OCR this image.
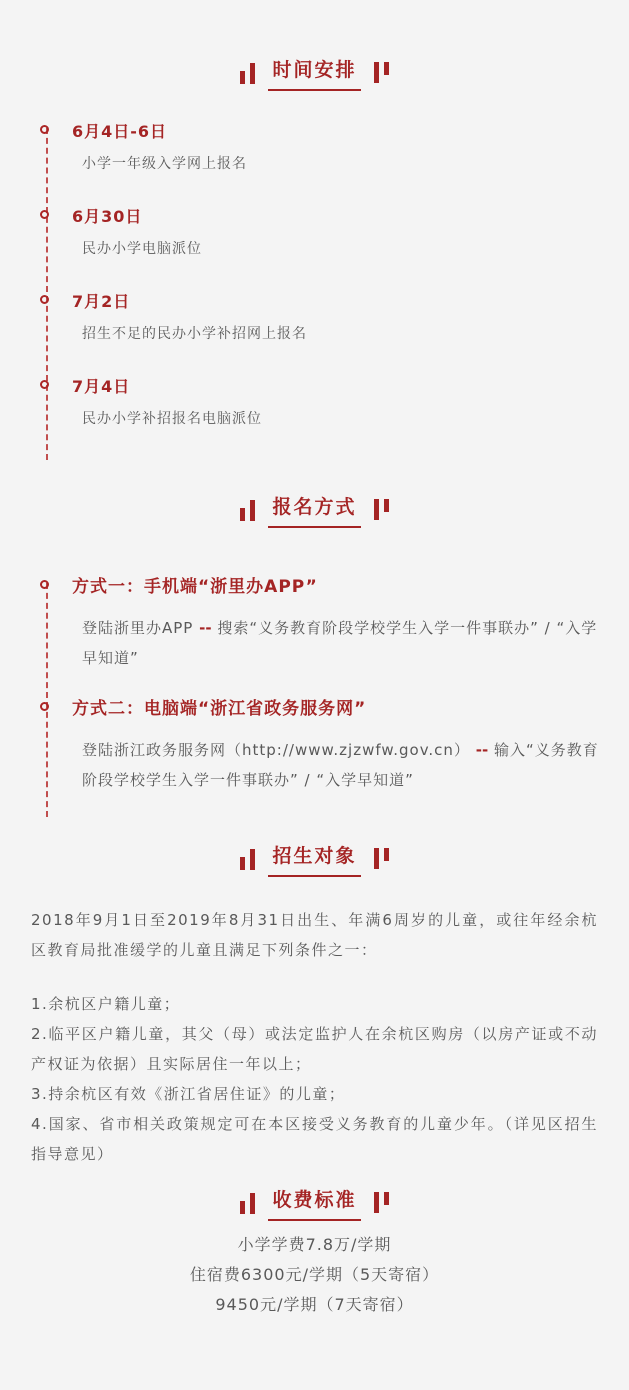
时间安排
6月4日-6日
小学一年级入学网上报名
6月30日
民办小学电脑派位
7月2日
招生不足的民办小学补招网上报名
7月4日
民办小学补招报名电脑派位
报名方式
方式一：手机端“浙里办APP”
登陆浙里办APP -- 搜索“义务教育阶段学校学生入学一件事联办” / “入学早知道”
方式二：电脑端“浙江省政务服务网”
登陆浙江政务服务网（http://www.zjzwfw.gov.cn） -- 输入“义务教育阶段学校学生入学一件事联办” / “入学早知道”
招生对象

2018年9月1日至2019年8月31日出生、年满6周岁的儿童，或往年经余杭区教育局批准缓学的儿童且满足下列条件之一：

1.余杭区户籍儿童；
2.临平区户籍儿童，其父（母）或法定监护人在余杭区购房（以房产证或不动产权证为依据）且实际居住一年以上；
3.持余杭区有效《浙江省居住证》的儿童；
4.国家、省市相关政策规定可在本区接受义务教育的儿童少年。（详见区招生指导意见）
收费标准
小学学费7.8万/学期
住宿费6300元/学期（5天寄宿）
9450元/学期（7天寄宿）
